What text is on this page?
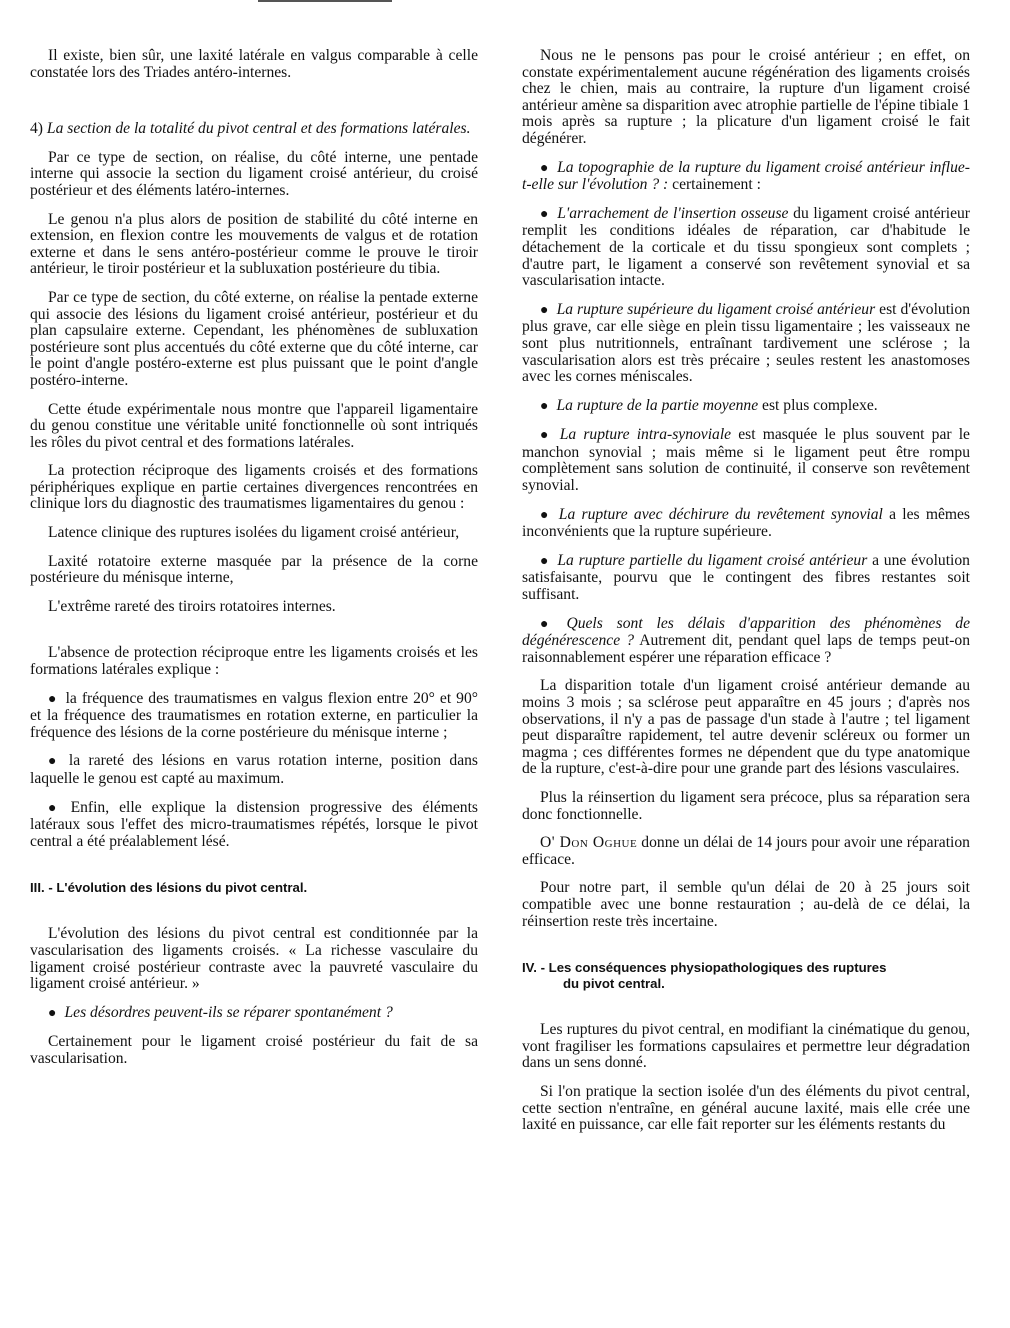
Il existe, bien sûr, une laxité latérale en valgus comparable à celle constatée lors des Triades antéro-internes.

4) La section de la totalité du pivot central et des formations latérales.

Par ce type de section, on réalise, du côté interne, une pentade interne qui associe la section du ligament croisé antérieur, du croisé postérieur et des éléments latéro-internes.

Le genou n'a plus alors de position de stabilité du côté interne en extension, en flexion contre les mouvements de valgus et de rotation externe et dans le sens antéro-postérieur comme le prouve le tiroir antérieur, le tiroir postérieur et la subluxation postérieure du tibia.

Par ce type de section, du côté externe, on réalise la pentade externe qui associe des lésions du ligament croisé antérieur, postérieur et du plan capsulaire externe. Cependant, les phénomènes de subluxation postérieure sont plus accentués du côté externe que du côté interne, car le point d'angle postéro-externe est plus puissant que le point d'angle postéro-interne.

Cette étude expérimentale nous montre que l'appareil ligamentaire du genou constitue une véritable unité fonctionnelle où sont intriqués les rôles du pivot central et des formations latérales.

La protection réciproque des ligaments croisés et des formations périphériques explique en partie certaines divergences rencontrées en clinique lors du diagnostic des traumatismes ligamentaires du genou :

Latence clinique des ruptures isolées du ligament croisé antérieur,

Laxité rotatoire externe masquée par la présence de la corne postérieure du ménisque interne,

L'extrême rareté des tiroirs rotatoires internes.

L'absence de protection réciproque entre les ligaments croisés et les formations latérales explique :

● la fréquence des traumatismes en valgus flexion entre 20° et 90° et la fréquence des traumatismes en rotation externe, en particulier la fréquence des lésions de la corne postérieure du ménisque interne ;

● la rareté des lésions en varus rotation interne, position dans laquelle le genou est capté au maximum.

● Enfin, elle explique la distension progressive des éléments latéraux sous l'effet des micro-traumatismes répétés, lorsque le pivot central a été préalablement lésé.

III. - L'évolution des lésions du pivot central.

L'évolution des lésions du pivot central est conditionnée par la vascularisation des ligaments croisés. « La richesse vasculaire du ligament croisé postérieur contraste avec la pauvreté vasculaire du ligament croisé antérieur. »

● Les désordres peuvent-ils se réparer spontanément ?

Certainement pour le ligament croisé postérieur du fait de sa vascularisation.

Nous ne le pensons pas pour le croisé antérieur ; en effet, on constate expérimentalement aucune régénération des ligaments croisés chez le chien, mais au contraire, la rupture d'un ligament croisé antérieur amène sa disparition avec atrophie partielle de l'épine tibiale 1 mois après sa rupture ; la plicature d'un ligament croisé le fait dégénérer.

● La topographie de la rupture du ligament croisé antérieur influe-t-elle sur l'évolution ? : certainement :

● L'arrachement de l'insertion osseuse du ligament croisé antérieur remplit les conditions idéales de réparation, car d'habitude le détachement de la corticale et du tissu spongieux sont complets ; d'autre part, le ligament a conservé son revêtement synovial et sa vascularisation intacte.

● La rupture supérieure du ligament croisé antérieur est d'évolution plus grave, car elle siège en plein tissu ligamentaire ; les vaisseaux ne sont plus nutritionnels, entraînant tardivement une sclérose ; la vascularisation alors est très précaire ; seules restent les anastomoses avec les cornes méniscales.

● La rupture de la partie moyenne est plus complexe.

● La rupture intra-synoviale est masquée le plus souvent par le manchon synovial ; mais même si le ligament peut être rompu complètement sans solution de continuité, il conserve son revêtement synovial.

● La rupture avec déchirure du revêtement synovial a les mêmes inconvénients que la rupture supérieure.

● La rupture partielle du ligament croisé antérieur a une évolution satisfaisante, pourvu que le contingent des fibres restantes soit suffisant.

● Quels sont les délais d'apparition des phénomènes de dégénérescence ? Autrement dit, pendant quel laps de temps peut-on raisonnablement espérer une réparation efficace ?

La disparition totale d'un ligament croisé antérieur demande au moins 3 mois ; sa sclérose peut apparaître en 45 jours ; d'après nos observations, il n'y a pas de passage d'un stade à l'autre ; tel ligament peut disparaître rapidement, tel autre devenir scléreux ou former un magma ; ces différentes formes ne dépendent que du type anatomique de la rupture, c'est-à-dire pour une grande part des lésions vasculaires.

Plus la réinsertion du ligament sera précoce, plus sa réparation sera donc fonctionnelle.

O' Don Oghue donne un délai de 14 jours pour avoir une réparation efficace.

Pour notre part, il semble qu'un délai de 20 à 25 jours soit compatible avec une bonne restauration ; au-delà de ce délai, la réinsertion reste très incertaine.

IV. - Les conséquences physiopathologiques des ruptures
du pivot central.

Les ruptures du pivot central, en modifiant la cinématique du genou, vont fragiliser les formations capsulaires et permettre leur dégradation dans un sens donné.

Si l'on pratique la section isolée d'un des éléments du pivot central, cette section n'entraîne, en général aucune laxité, mais elle crée une laxité en puissance, car elle fait reporter sur les éléments restants du
